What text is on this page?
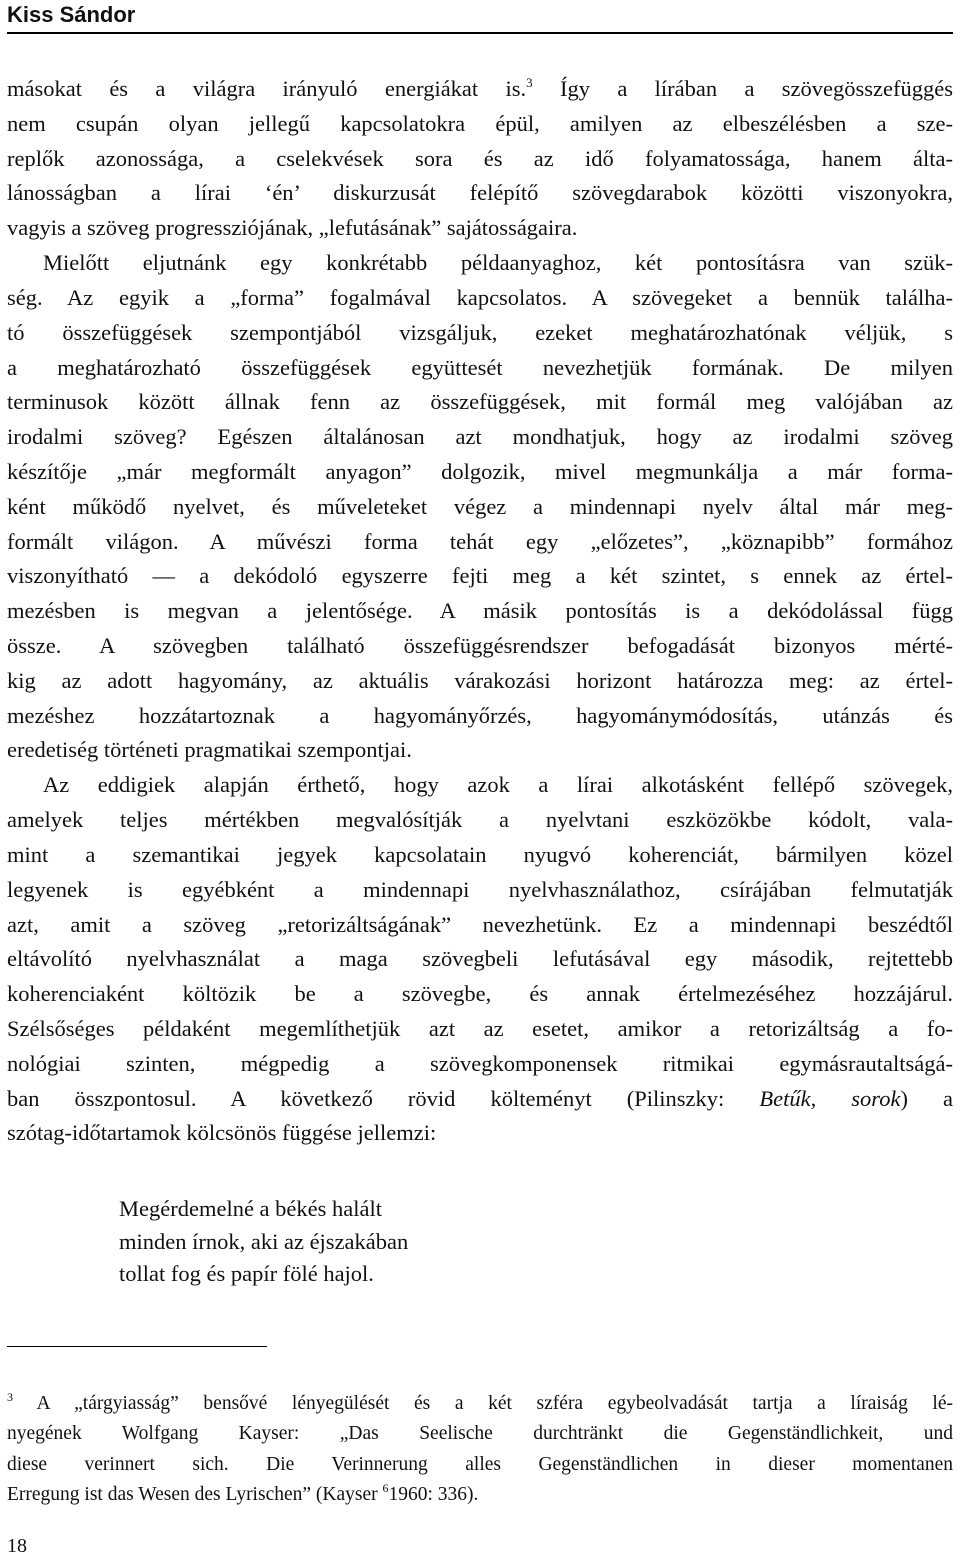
Kiss Sándor
másokat és a világra irányuló energiákat is.$^3$ Így a lírában a szövegösszefüggés
nem csupán olyan jellegű kapcsolatokra épül, amilyen az elbeszélésben a sze-
replők azonossága, a cselekvések sora és az idő folyamatossága, hanem álta-
lánosságban a lírai ‘én’ diskurzusát felépítő szövegdarabok közötti viszonyokra,
vagyis a szöveg progressziójának, „lefutásának” sajátosságaira.
Mielőtt eljutnánk egy konkrétabb példaanyaghoz, két pontosításra van szük-
ség. Az egyik a „forma” fogalmával kapcsolatos. A szövegeket a bennük találha-
tó összefüggések szempontjából vizsgáljuk, ezeket meghatározhatónak véljük, s
a meghatározható összefüggések együttesét nevezhetjük formának. De milyen
terminusok között állnak fenn az összefüggések, mit formál meg valójában az
irodalmi szöveg? Egészen általánosan azt mondhatjuk, hogy az irodalmi szöveg
készítője „már megformált anyagon” dolgozik, mivel megmunkálja a már forma-
ként működő nyelvet, és műveleteket végez a mindennapi nyelv által már meg-
formált világon. A művészi forma tehát egy „előzetes”, „köznapibb” formához
viszonyítható — a dekódoló egyszerre fejti meg a két szintet, s ennek az értel-
mezésben is megvan a jelentősége. A másik pontosítás is a dekódolással függ
össze. A szövegben található összefüggésrendszer befogadását bizonyos mérté-
kig az adott hagyomány, az aktuális várakozási horizont határozza meg: az értel-
mezéshez hozzátartoznak a hagyományőrzés, hagyománymódosítás, utánzás és
eredetiség történeti pragmatikai szempontjai.
Az eddigiek alapján érthető, hogy azok a lírai alkotásként fellépő szövegek,
amelyek teljes mértékben megvalósítják a nyelvtani eszközökbe kódolt, vala-
mint a szemantikai jegyek kapcsolatain nyugvó koherenciát, bármilyen közel
legyenek is egyébként a mindennapi nyelvhasználathoz, csírájában felmutatják
azt, amit a szöveg „retorizáltságának” nevezhetünk. Ez a mindennapi beszédtől
eltávolító nyelvhasználat a maga szövegbeli lefutásával egy második, rejtettebb
koherenciaként költözik be a szövegbe, és annak értelmezéséhez hozzájárul.
Szélsőséges példaként megemlíthetjük azt az esetet, amikor a retorizáltság a fo-
nológiai szinten, mégpedig a szövegkomponensek ritmikai egymásrautaltságá-
ban összpontosul. A következő rövid költeményt (Pilinszky: Betűk, sorok) a
szótag-időtartamok kölcsönös függése jellemzi:
Megérdemelné a békés halált
minden írnok, aki az éjszakában
tollat fog és papír fölé hajol.
$^3$ A „tárgyiasság” bensővé lényegülését és a két szféra egybeolvadását tartja a líraiság lé-
nyegének Wolfgang Kayser: „Das Seelische durchtränkt die Gegenständlichkeit, und
diese verinnert sich. Die Verinnerung alles Gegenständlichen in dieser momentanen
Erregung ist das Wesen des Lyrischen” (Kayser $^6$1960: 336).
18
